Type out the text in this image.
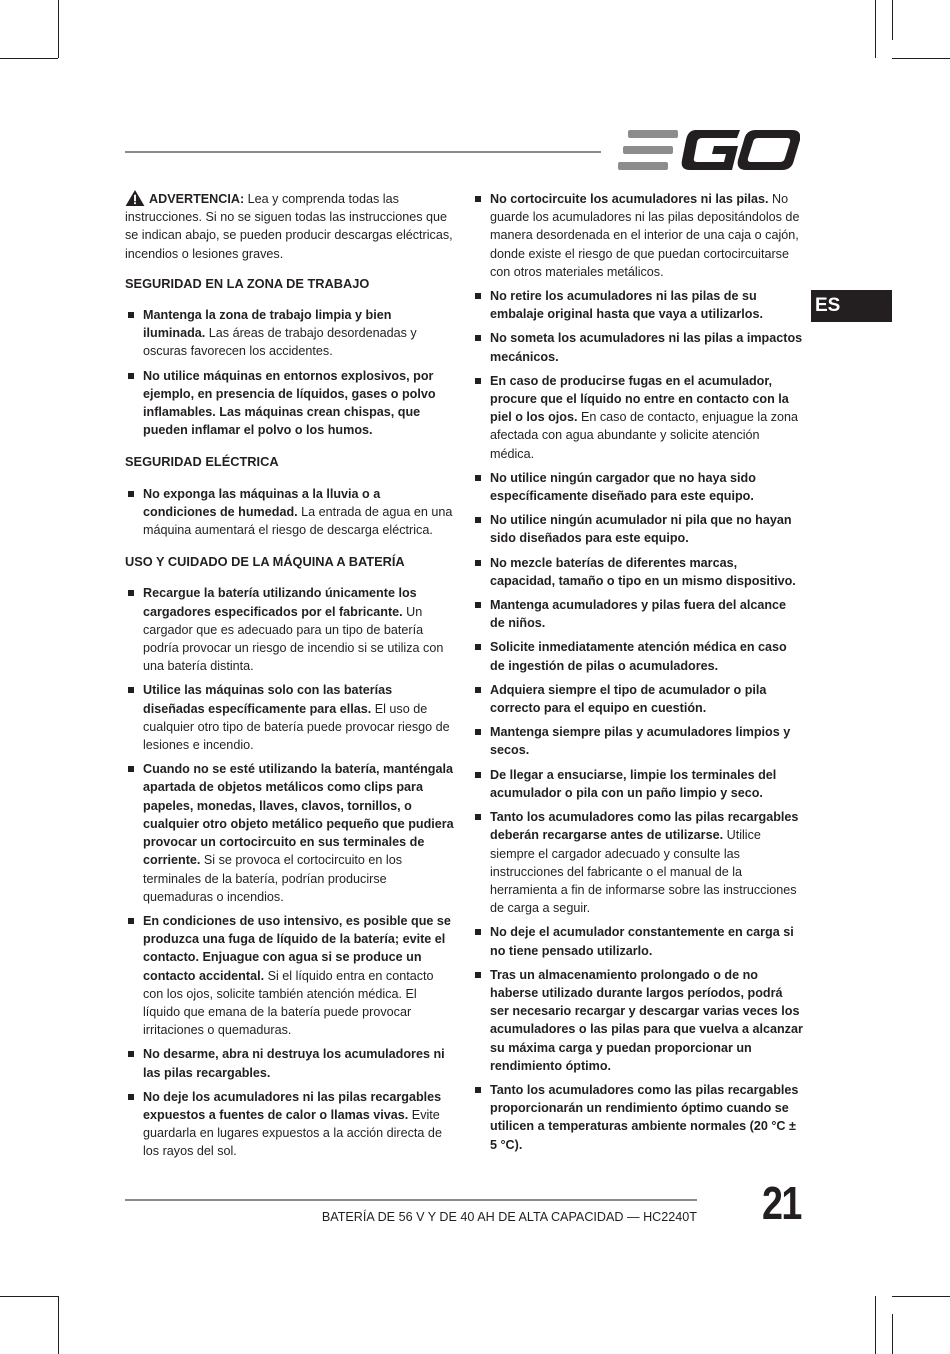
ES

ADVERTENCIA: Lea y comprenda todas las instrucciones. Si no se siguen todas las instrucciones que se indican abajo, se pueden producir descargas eléctricas, incendios o lesiones graves.

SEGURIDAD EN LA ZONA DE TRABAJO
Mantenga la zona de trabajo limpia y bien iluminada. Las áreas de trabajo desordenadas y oscuras favorecen los accidentes.
No utilice máquinas en entornos explosivos, por ejemplo, en presencia de líquidos, gases o polvo inflamables. Las máquinas crean chispas, que pueden inflamar el polvo o los humos.
SEGURIDAD ELÉCTRICA
No exponga las máquinas a la lluvia o a condiciones de humedad. La entrada de agua en una máquina aumentará el riesgo de descarga eléctrica.
USO Y CUIDADO DE LA MÁQUINA A BATERÍA
Recargue la batería utilizando únicamente los cargadores especificados por el fabricante. Un cargador que es adecuado para un tipo de batería podría provocar un riesgo de incendio si se utiliza con una batería distinta.
Utilice las máquinas solo con las baterías diseñadas específicamente para ellas. El uso de cualquier otro tipo de batería puede provocar riesgo de lesiones e incendio.
Cuando no se esté utilizando la batería, manténgala apartada de objetos metálicos como clips para papeles, monedas, llaves, clavos, tornillos, o cualquier otro objeto metálico pequeño que pudiera provocar un cortocircuito en sus terminales de corriente. Si se provoca el cortocircuito en los terminales de la batería, podrían producirse quemaduras o incendios.
En condiciones de uso intensivo, es posible que se produzca una fuga de líquido de la batería; evite el contacto. Enjuague con agua si se produce un contacto accidental. Si el líquido entra en contacto con los ojos, solicite también atención médica. El líquido que emana de la batería puede provocar irritaciones o quemaduras.
No desarme, abra ni destruya los acumuladores ni las pilas recargables.
No deje los acumuladores ni las pilas recargables expuestos a fuentes de calor o llamas vivas. Evite guardarla en lugares expuestos a la acción directa de los rayos del sol.
No cortocircuite los acumuladores ni las pilas. No guarde los acumuladores ni las pilas depositándolos de manera desordenada en el interior de una caja o cajón, donde existe el riesgo de que puedan cortocircuitarse con otros materiales metálicos.
No retire los acumuladores ni las pilas de su embalaje original hasta que vaya a utilizarlos.
No someta los acumuladores ni las pilas a impactos mecánicos.
En caso de producirse fugas en el acumulador, procure que el líquido no entre en contacto con la piel o los ojos. En caso de contacto, enjuague la zona afectada con agua abundante y solicite atención médica.
No utilice ningún cargador que no haya sido específicamente diseñado para este equipo.
No utilice ningún acumulador ni pila que no hayan sido diseñados para este equipo.
No mezcle baterías de diferentes marcas, capacidad, tamaño o tipo en un mismo dispositivo.
Mantenga acumuladores y pilas fuera del alcance de niños.
Solicite inmediatamente atención médica en caso de ingestión de pilas o acumuladores.
Adquiera siempre el tipo de acumulador o pila correcto para el equipo en cuestión.
Mantenga siempre pilas y acumuladores limpios y secos.
De llegar a ensuciarse, limpie los terminales del acumulador o pila con un paño limpio y seco.
Tanto los acumuladores como las pilas recargables deberán recargarse antes de utilizarse. Utilice siempre el cargador adecuado y consulte las instrucciones del fabricante o el manual de la herramienta a fin de informarse sobre las instrucciones de carga a seguir.
No deje el acumulador constantemente en carga si no tiene pensado utilizarlo.
Tras un almacenamiento prolongado o de no haberse utilizado durante largos períodos, podrá ser necesario recargar y descargar varias veces los acumuladores o las pilas para que vuelva a alcanzar su máxima carga y puedan proporcionar un rendimiento óptimo.
Tanto los acumuladores como las pilas recargables proporcionarán un rendimiento óptimo cuando se utilicen a temperaturas ambiente normales (20 °C ± 5 °C).
BATERÍA DE 56 V Y DE 40 AH DE ALTA CAPACIDAD — HC2240T 21
